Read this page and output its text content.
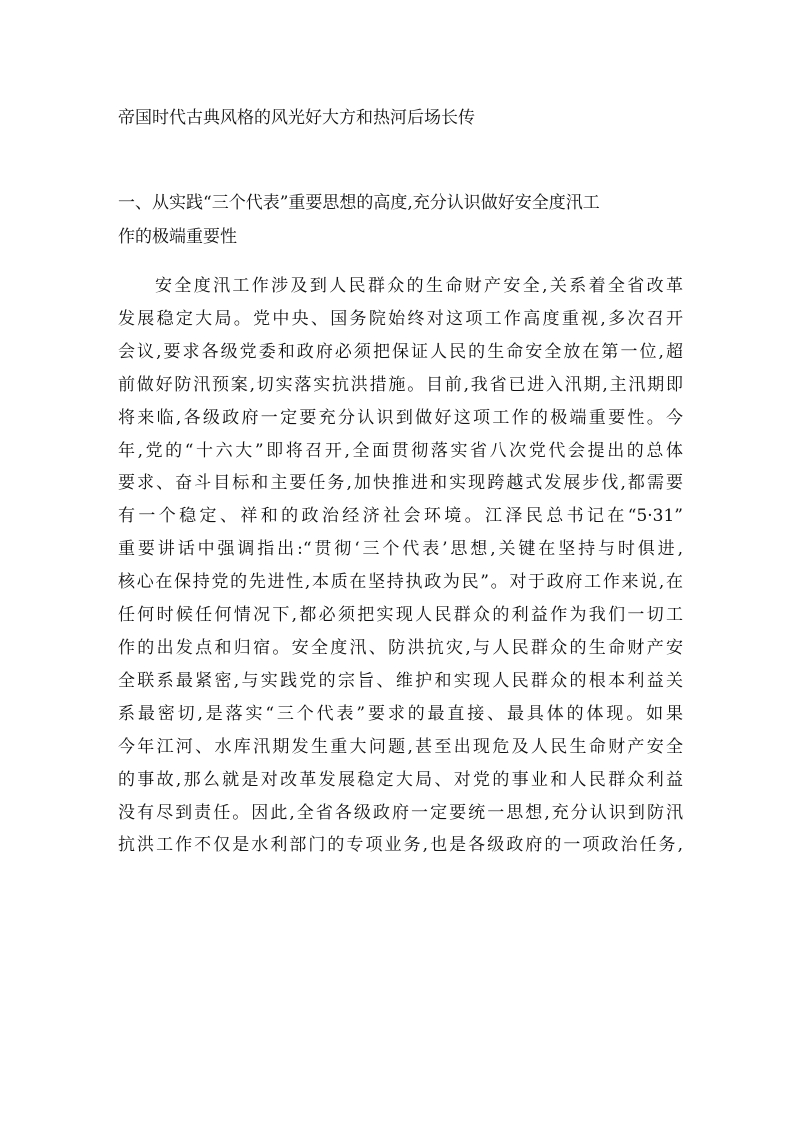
帝国时代古典风格的风光好大方和热河后场长传
一、从实践“三个代表”重要思想的高度,充分认识做好安全度汛工
作的极端重要性
安全度汛工作涉及到人民群众的生命财产安全,关系着全省改革
发展稳定大局。党中央、国务院始终对这项工作高度重视,多次召开
会议,要求各级党委和政府必须把保证人民的生命安全放在第一位,超
前做好防汛预案,切实落实抗洪措施。目前,我省已进入汛期,主汛期即
将来临,各级政府一定要充分认识到做好这项工作的极端重要性。今
年,党的“十六大”即将召开,全面贯彻落实省八次党代会提出的总体
要求、奋斗目标和主要任务,加快推进和实现跨越式发展步伐,都需要
有一个稳定、祥和的政治经济社会环境。江泽民总书记在“5·31”
重要讲话中强调指出:“贯彻‘三个代表’思想,关键在坚持与时俱进,
核心在保持党的先进性,本质在坚持执政为民”。对于政府工作来说,在
任何时候任何情况下,都必须把实现人民群众的利益作为我们一切工
作的出发点和归宿。安全度汛、防洪抗灾,与人民群众的生命财产安
全联系最紧密,与实践党的宗旨、维护和实现人民群众的根本利益关
系最密切,是落实“三个代表”要求的最直接、最具体的体现。如果
今年江河、水库汛期发生重大问题,甚至出现危及人民生命财产安全
的事故,那么就是对改革发展稳定大局、对党的事业和人民群众利益
没有尽到责任。因此,全省各级政府一定要统一思想,充分认识到防汛
抗洪工作不仅是水利部门的专项业务,也是各级政府的一项政治任务,
